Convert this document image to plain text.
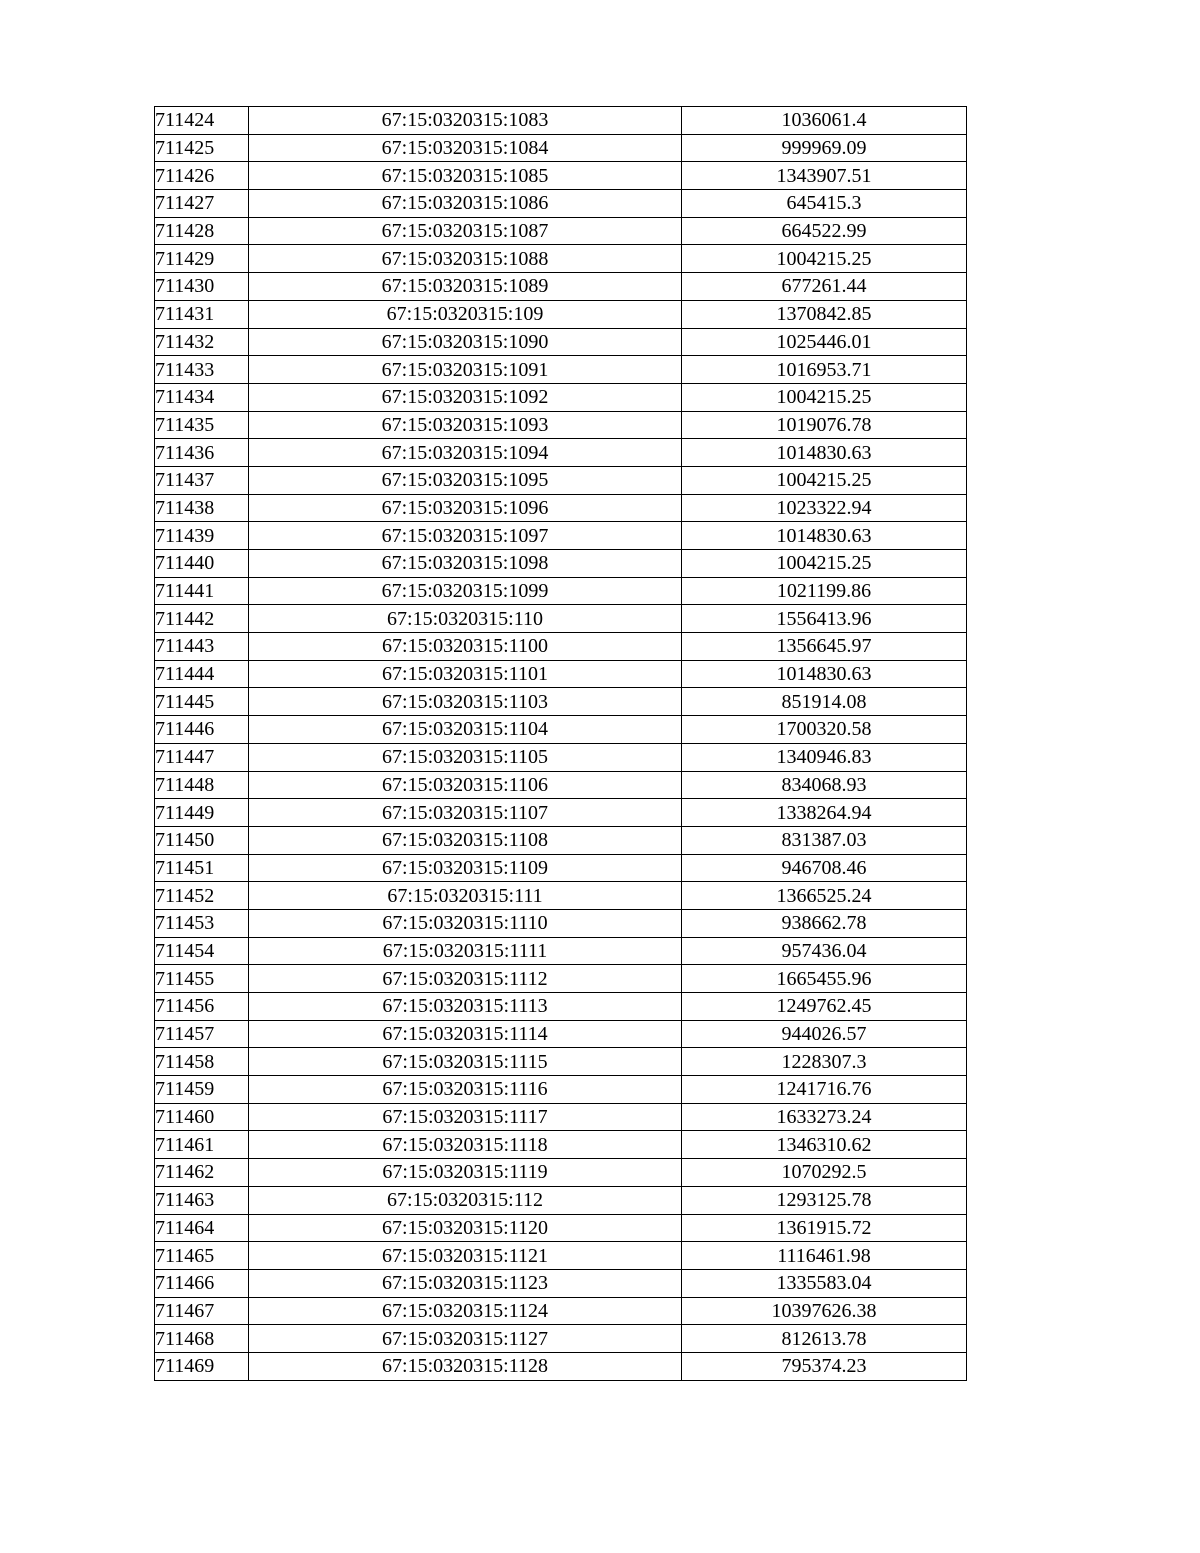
711424	67:15:0320315:1083	1036061.4
711425	67:15:0320315:1084	999969.09
711426	67:15:0320315:1085	1343907.51
711427	67:15:0320315:1086	645415.3
711428	67:15:0320315:1087	664522.99
711429	67:15:0320315:1088	1004215.25
711430	67:15:0320315:1089	677261.44
711431	67:15:0320315:109	1370842.85
711432	67:15:0320315:1090	1025446.01
711433	67:15:0320315:1091	1016953.71
711434	67:15:0320315:1092	1004215.25
711435	67:15:0320315:1093	1019076.78
711436	67:15:0320315:1094	1014830.63
711437	67:15:0320315:1095	1004215.25
711438	67:15:0320315:1096	1023322.94
711439	67:15:0320315:1097	1014830.63
711440	67:15:0320315:1098	1004215.25
711441	67:15:0320315:1099	1021199.86
711442	67:15:0320315:110	1556413.96
711443	67:15:0320315:1100	1356645.97
711444	67:15:0320315:1101	1014830.63
711445	67:15:0320315:1103	851914.08
711446	67:15:0320315:1104	1700320.58
711447	67:15:0320315:1105	1340946.83
711448	67:15:0320315:1106	834068.93
711449	67:15:0320315:1107	1338264.94
711450	67:15:0320315:1108	831387.03
711451	67:15:0320315:1109	946708.46
711452	67:15:0320315:111	1366525.24
711453	67:15:0320315:1110	938662.78
711454	67:15:0320315:1111	957436.04
711455	67:15:0320315:1112	1665455.96
711456	67:15:0320315:1113	1249762.45
711457	67:15:0320315:1114	944026.57
711458	67:15:0320315:1115	1228307.3
711459	67:15:0320315:1116	1241716.76
711460	67:15:0320315:1117	1633273.24
711461	67:15:0320315:1118	1346310.62
711462	67:15:0320315:1119	1070292.5
711463	67:15:0320315:112	1293125.78
711464	67:15:0320315:1120	1361915.72
711465	67:15:0320315:1121	1116461.98
711466	67:15:0320315:1123	1335583.04
711467	67:15:0320315:1124	10397626.38
711468	67:15:0320315:1127	812613.78
711469	67:15:0320315:1128	795374.23
